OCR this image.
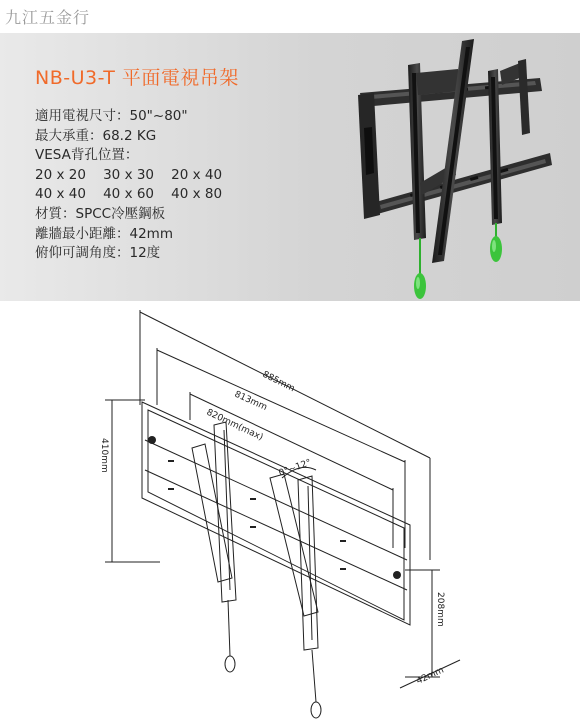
九江五金行
NB-U3-T 平面電視吊架
適用電視尺寸：50"~80"
最大承重：68.2 KG
VESA背孔位置：
20 x 20    30 x 30    20 x 40
40 x 40    40 x 60    40 x 80
材質：SPCC冷壓鋼板
離牆最小距離：42mm
俯仰可調角度：12度
885mm
813mm
820mm(max)
410mm
208mm
42mm
0°~12°
